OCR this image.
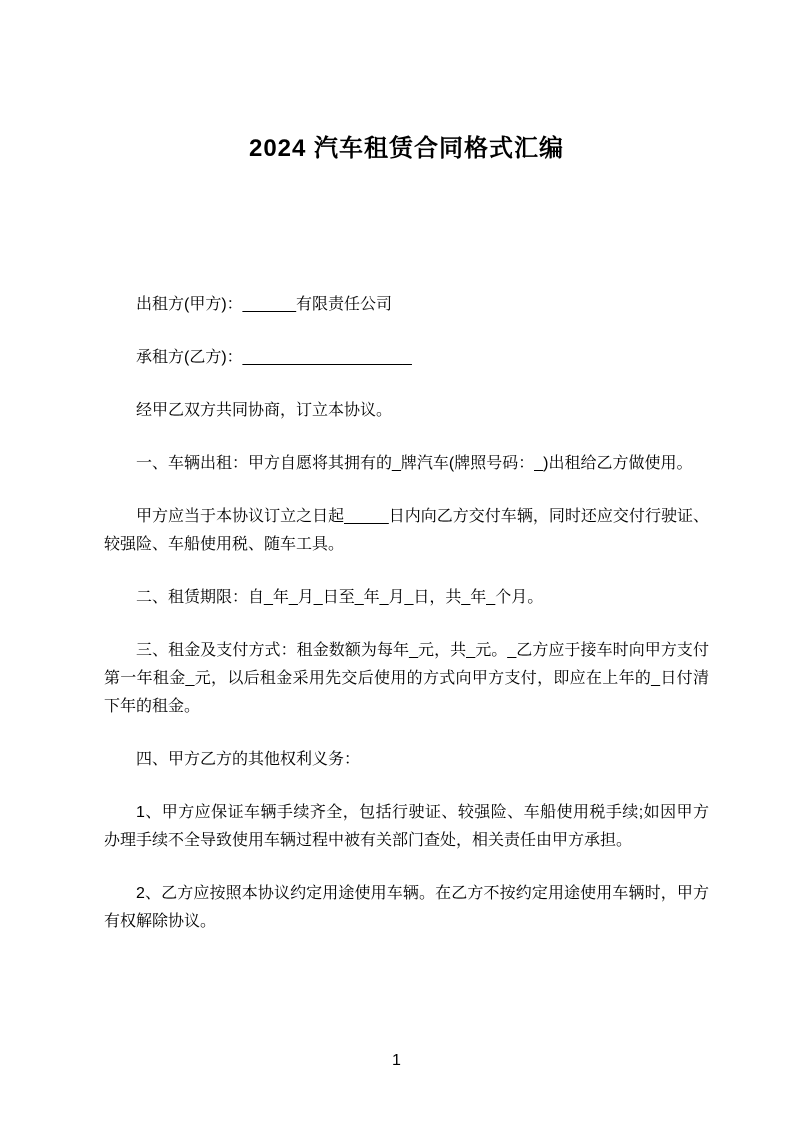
2024 汽车租赁合同格式汇编

出租方(甲方)：______有限责任公司

承租方(乙方)：___________________

经甲乙双方共同协商，订立本协议。

一、车辆出租：甲方自愿将其拥有的_牌汽车(牌照号码：_)出租给乙方做使用。

甲方应当于本协议订立之日起_____日内向乙方交付车辆，同时还应交付行驶证、较强险、车船使用税、随车工具。

二、租赁期限：自_年_月_日至_年_月_日，共_年_个月。

三、租金及支付方式：租金数额为每年_元，共_元。_乙方应于接车时向甲方支付第一年租金_元，以后租金采用先交后使用的方式向甲方支付，即应在上年的_日付清下年的租金。

四、甲方乙方的其他权利义务：

1、甲方应保证车辆手续齐全，包括行驶证、较强险、车船使用税手续;如因甲方办理手续不全导致使用车辆过程中被有关部门查处，相关责任由甲方承担。

2、乙方应按照本协议约定用途使用车辆。在乙方不按约定用途使用车辆时，甲方有权解除协议。

1
